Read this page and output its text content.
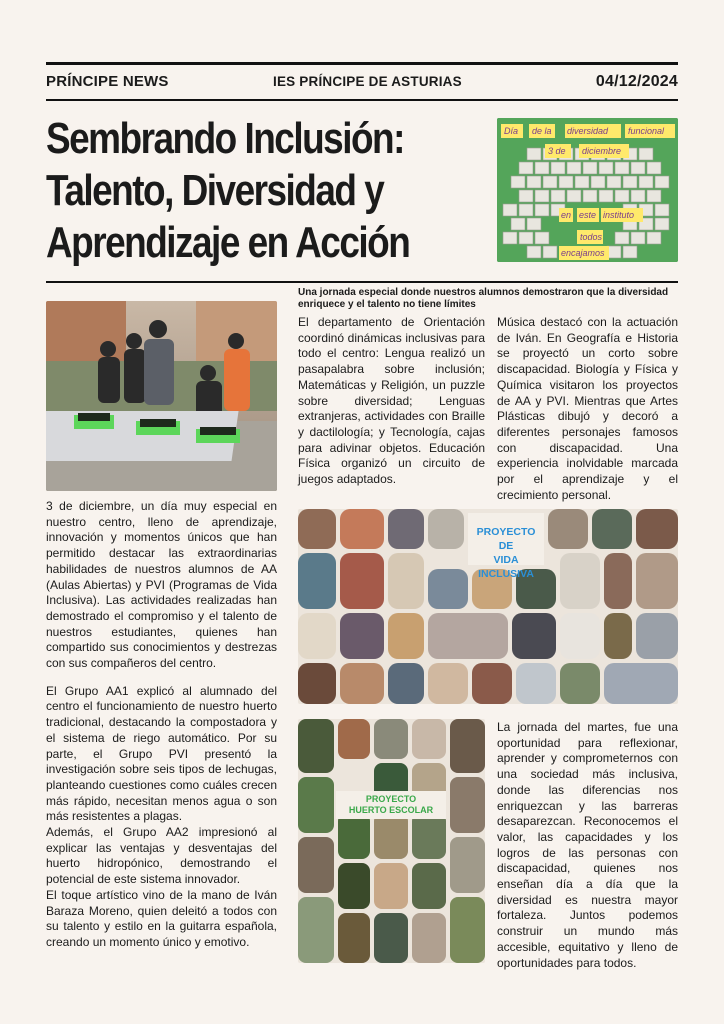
PRÍNCIPE NEWS	IES PRÍNCIPE DE ASTURIAS	04/12/2024
Sembrando Inclusión: Talento, Diversidad y Aprendizaje en Acción
Día de la diversidad funcional
3 de diciembre
en este instituto
todos
encajamos
Una jornada especial donde nuestros alumnos demostraron que la diversidad enriquece y el talento no tiene límites

El departamento de Orientación coordinó dinámicas inclusivas para todo el centro: Lengua realizó un pasapalabra sobre inclusión; Matemáticas y Religión, un puzzle sobre diversidad; Lenguas extranjeras, actividades con Braille y dactilología; y Tecnología, cajas para adivinar objetos. Educación Física organizó un circuito de juegos adaptados.

Música destacó con la actuación de Iván. En Geografía e Historia se proyectó un corto sobre discapacidad. Biología y Física y Química visitaron los proyectos de AA y PVI. Mientras que Artes Plásticas dibujó y decoró a diferentes personajes famosos con discapacidad. Una experiencia inolvidable marcada por el aprendizaje y el crecimiento personal.

3 de diciembre, un día muy especial en nuestro centro, lleno de aprendizaje, innovación y momentos únicos que han permitido destacar las extraordinarias habilidades de nuestros alumnos de AA (Aulas Abiertas) y PVI (Programas de Vida Inclusiva). Las actividades realizadas han demostrado el compromiso y el talento de nuestros estudiantes, quienes han compartido sus conocimientos y destrezas con sus compañeros del centro.

El Grupo AA1 explicó al alumnado del centro el funcionamiento de nuestro huerto tradicional, destacando la compostadora y el sistema de riego automático. Por su parte, el Grupo PVI presentó la investigación sobre seis tipos de lechugas, planteando cuestiones como cuáles crecen más rápido, necesitan menos agua o son más resistentes a plagas.

Además, el Grupo AA2 impresionó al explicar las ventajas y desventajas del huerto hidropónico, demostrando el potencial de este sistema innovador.

El toque artístico vino de la mano de Iván Baraza Moreno, quien deleitó a todos con su talento y estilo en la guitarra española, creando un momento único y emotivo.

PROYECTO DE
VIDA INCLUSIVA
PROYECTO
HUERTO ESCOLAR

La jornada del martes, fue una oportunidad para reflexionar, aprender y comprometernos con una sociedad más inclusiva, donde las diferencias nos enriquezcan y las barreras desaparezcan. Reconocemos el valor, las capacidades y los logros de las personas con discapacidad, quienes nos enseñan día a día que la diversidad es nuestra mayor fortaleza. Juntos podemos construir un mundo más accesible, equitativo y lleno de oportunidades para todos.
